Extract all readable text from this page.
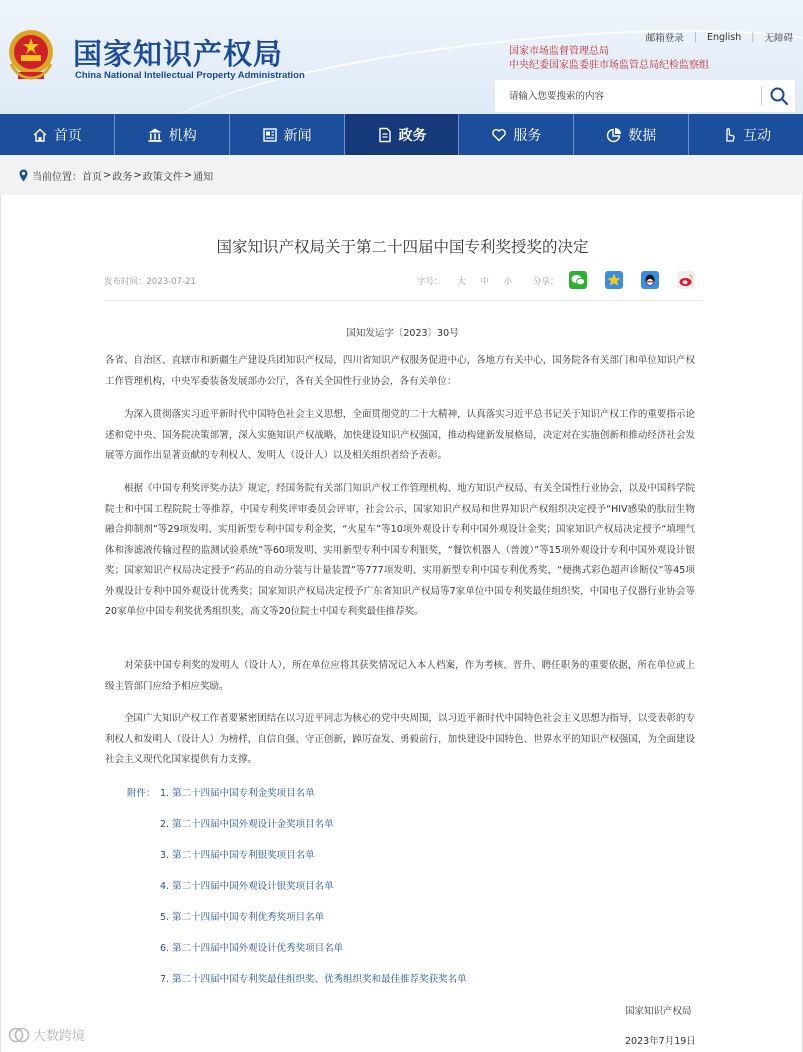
国家知识产权局
China National Intellectual Property Administration
邮箱登录	|	English	|	无障碍
国家市场监督管理总局
中央纪委国家监委驻市场监管总局纪检监察组
请输入您要搜索的内容
首页	机构	新闻	政务	服务	数据	互动
当前位置： 首页 > 政务 > 政策文件 > 通知
国家知识产权局关于第二十四届中国专利奖授奖的决定
发布时间：2023-07-21	字号： 大 中 小	分享：
国知发运字〔2023〕30号

各省、自治区、直辖市和新疆生产建设兵团知识产权局，四川省知识产权服务促进中心，各地方有关中心，国务院各有关部门和单位知识产权工作管理机构，中央军委装备发展部办公厅，各有关全国性行业协会，各有关单位：

为深入贯彻落实习近平新时代中国特色社会主义思想，全面贯彻党的二十大精神，认真落实习近平总书记关于知识产权工作的重要指示论述和党中央、国务院决策部署，深入实施知识产权战略，加快建设知识产权强国，推动构建新发展格局，决定对在实施创新和推动经济社会发展等方面作出显著贡献的专利权人、发明人（设计人）以及相关组织者给予表彰。

根据《中国专利奖评奖办法》规定，经国务院有关部门知识产权工作管理机构、地方知识产权局、有关全国性行业协会，以及中国科学院院士和中国工程院院士等推荐，中国专利奖评审委员会评审，社会公示，国家知识产权局和世界知识产权组织决定授予“HIV感染的肽衍生物融合抑制剂”等29项发明、实用新型专利中国专利金奖，“火星车”等10项外观设计专利中国外观设计金奖；国家知识产权局决定授予“填埋气体和渗滤液传输过程的监测试验系统”等60项发明、实用新型专利中国专利银奖，“餐饮机器人（普渡）”等15项外观设计专利中国外观设计银奖；国家知识产权局决定授予“药品的自动分装与计量装置”等777项发明、实用新型专利中国专利优秀奖，“便携式彩色超声诊断仪”等45项外观设计专利中国外观设计优秀奖；国家知识产权局决定授予广东省知识产权局等7家单位中国专利奖最佳组织奖，中国电子仪器行业协会等20家单位中国专利奖优秀组织奖，高文等20位院士中国专利奖最佳推荐奖。

对荣获中国专利奖的发明人（设计人），所在单位应将其获奖情况记入本人档案，作为考核、晋升、聘任职务的重要依据，所在单位或上级主管部门应给予相应奖励。

全国广大知识产权工作者要紧密团结在以习近平同志为核心的党中央周围，以习近平新时代中国特色社会主义思想为指导，以受表彰的专利权人和发明人（设计人）为榜样，自信自强、守正创新，踔厉奋发、勇毅前行，加快建设中国特色、世界水平的知识产权强国，为全面建设社会主义现代化国家提供有力支撑。

附件： 1. 第二十四届中国专利金奖项目名单
2. 第二十四届中国外观设计金奖项目名单
3. 第二十四届中国专利银奖项目名单
4. 第二十四届中国外观设计银奖项目名单
5. 第二十四届中国专利优秀奖项目名单
6. 第二十四届中国外观设计优秀奖项目名单
7. 第二十四届中国专利奖最佳组织奖、优秀组织奖和最佳推荐奖获奖名单
国家知识产权局
2023年7月19日
大数跨境
